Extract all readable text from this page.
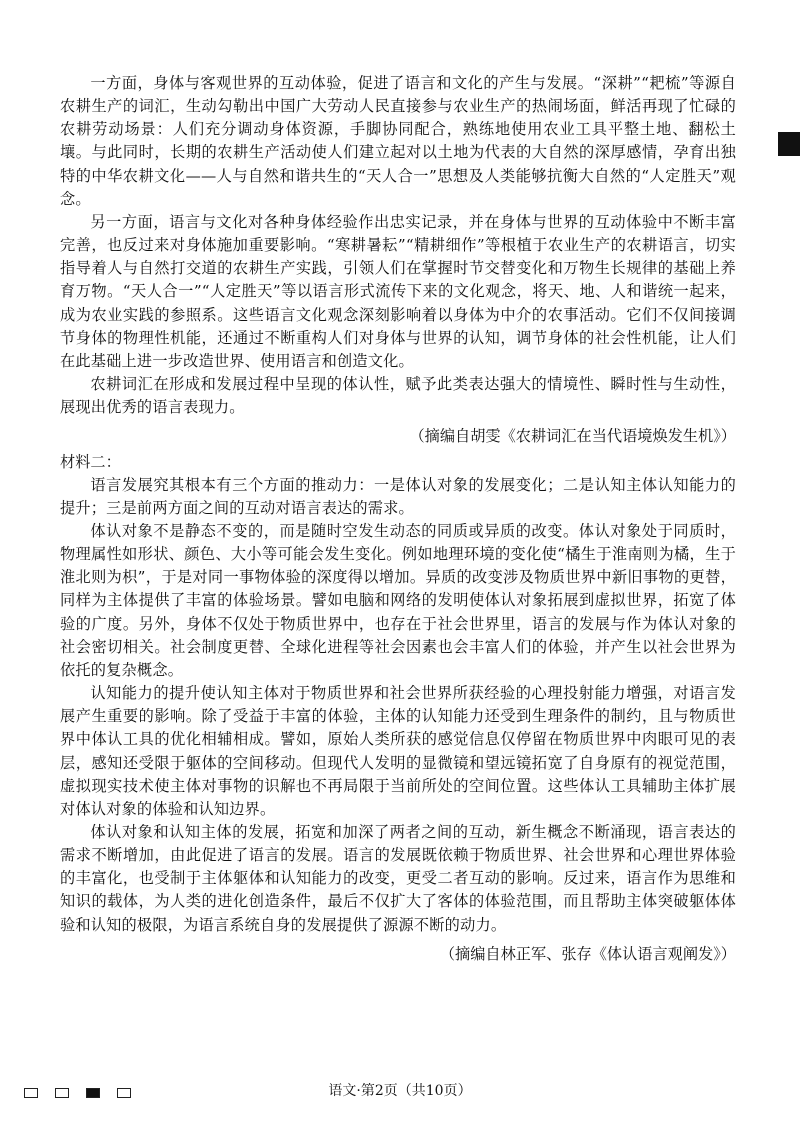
一方面，身体与客观世界的互动体验，促进了语言和文化的产生与发展。“深耕”“耙梳”等源自农耕生产的词汇，生动勾勒出中国广大劳动人民直接参与农业生产的热闹场面，鲜活再现了忙碌的农耕劳动场景：人们充分调动身体资源，手脚协同配合，熟练地使用农业工具平整土地、翻松土壤。与此同时，长期的农耕生产活动使人们建立起对以土地为代表的大自然的深厚感情，孕育出独特的中华农耕文化——人与自然和谐共生的“天人合一”思想及人类能够抗衡大自然的“人定胜天”观念。

另一方面，语言与文化对各种身体经验作出忠实记录，并在身体与世界的互动体验中不断丰富完善，也反过来对身体施加重要影响。“寒耕暑耘”“精耕细作”等根植于农业生产的农耕语言，切实指导着人与自然打交道的农耕生产实践，引领人们在掌握时节交替变化和万物生长规律的基础上养育万物。“天人合一”“人定胜天”等以语言形式流传下来的文化观念，将天、地、人和谐统一起来，成为农业实践的参照系。这些语言文化观念深刻影响着以身体为中介的农事活动。它们不仅间接调节身体的物理性机能，还通过不断重构人们对身体与世界的认知，调节身体的社会性机能，让人们在此基础上进一步改造世界、使用语言和创造文化。

农耕词汇在形成和发展过程中呈现的体认性，赋予此类表达强大的情境性、瞬时性与生动性，展现出优秀的语言表现力。

（摘编自胡雯《农耕词汇在当代语境焕发生机》）

材料二：

语言发展究其根本有三个方面的推动力：一是体认对象的发展变化；二是认知主体认知能力的提升；三是前两方面之间的互动对语言表达的需求。

体认对象不是静态不变的，而是随时空发生动态的同质或异质的改变。体认对象处于同质时，物理属性如形状、颜色、大小等可能会发生变化。例如地理环境的变化使“橘生于淮南则为橘，生于淮北则为枳”，于是对同一事物体验的深度得以增加。异质的改变涉及物质世界中新旧事物的更替，同样为主体提供了丰富的体验场景。譬如电脑和网络的发明使体认对象拓展到虚拟世界，拓宽了体验的广度。另外，身体不仅处于物质世界中，也存在于社会世界里，语言的发展与作为体认对象的社会密切相关。社会制度更替、全球化进程等社会因素也会丰富人们的体验，并产生以社会世界为依托的复杂概念。

认知能力的提升使认知主体对于物质世界和社会世界所获经验的心理投射能力增强，对语言发展产生重要的影响。除了受益于丰富的体验，主体的认知能力还受到生理条件的制约，且与物质世界中体认工具的优化相辅相成。譬如，原始人类所获的感觉信息仅停留在物质世界中肉眼可见的表层，感知还受限于躯体的空间移动。但现代人发明的显微镜和望远镜拓宽了自身原有的视觉范围，虚拟现实技术使主体对事物的识解也不再局限于当前所处的空间位置。这些体认工具辅助主体扩展对体认对象的体验和认知边界。

体认对象和认知主体的发展，拓宽和加深了两者之间的互动，新生概念不断涌现，语言表达的需求不断增加，由此促进了语言的发展。语言的发展既依赖于物质世界、社会世界和心理世界体验的丰富化，也受制于主体躯体和认知能力的改变，更受二者互动的影响。反过来，语言作为思维和知识的载体，为人类的进化创造条件，最后不仅扩大了客体的体验范围，而且帮助主体突破躯体体验和认知的极限，为语言系统自身的发展提供了源源不断的动力。

（摘编自林正军、张存《体认语言观阐发》）

语文·第2页（共10页）
